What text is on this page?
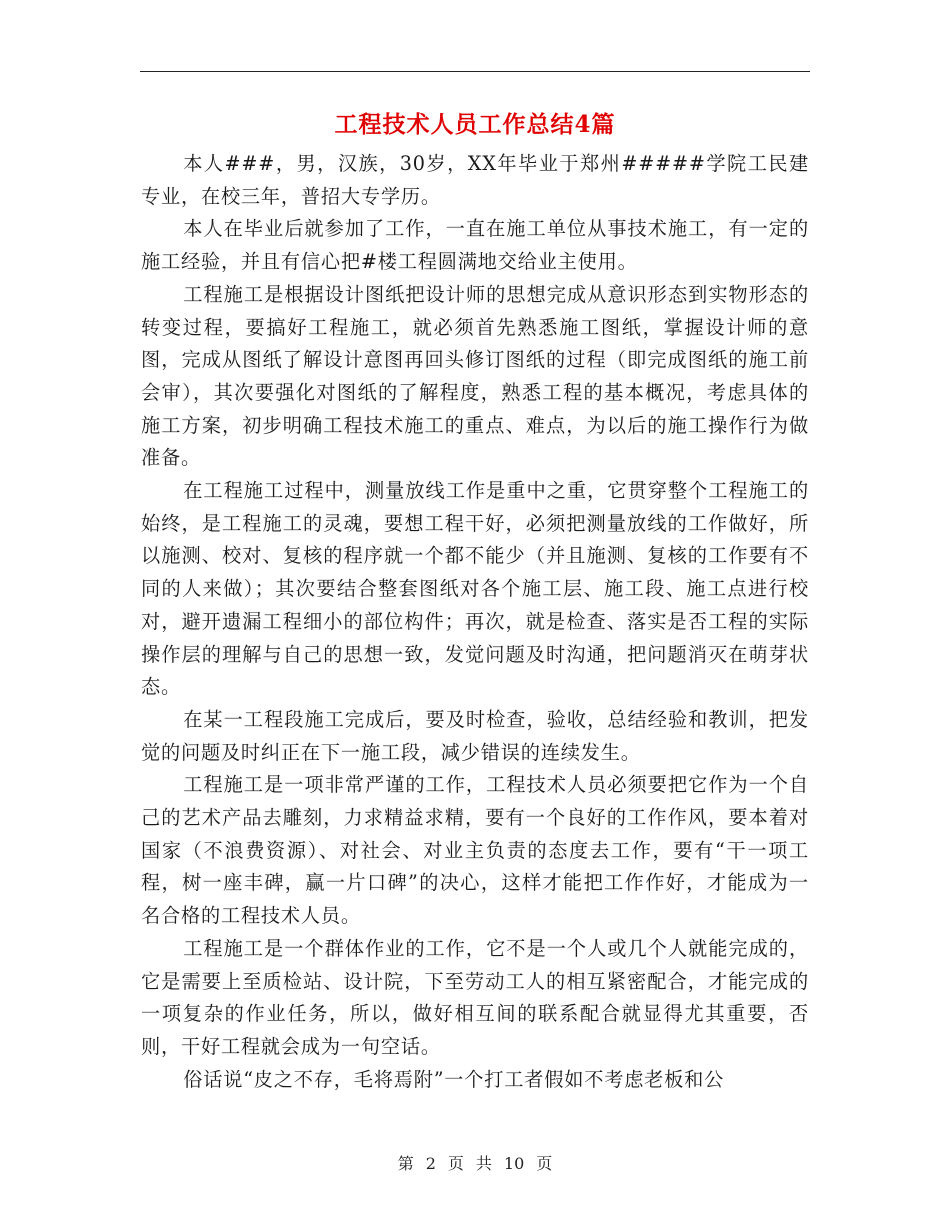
工程技术人员工作总结4篇

本人###，男，汉族，30岁，XX年毕业于郑州#####学院工民建专业，在校三年，普招大专学历。

本人在毕业后就参加了工作，一直在施工单位从事技术施工，有一定的施工经验，并且有信心把#楼工程圆满地交给业主使用。

工程施工是根据设计图纸把设计师的思想完成从意识形态到实物形态的转变过程，要搞好工程施工，就必须首先熟悉施工图纸，掌握设计师的意图，完成从图纸了解设计意图再回头修订图纸的过程（即完成图纸的施工前会审），其次要强化对图纸的了解程度，熟悉工程的基本概况，考虑具体的施工方案，初步明确工程技术施工的重点、难点，为以后的施工操作行为做准备。

在工程施工过程中，测量放线工作是重中之重，它贯穿整个工程施工的始终，是工程施工的灵魂，要想工程干好，必须把测量放线的工作做好，所以施测、校对、复核的程序就一个都不能少（并且施测、复核的工作要有不同的人来做）；其次要结合整套图纸对各个施工层、施工段、施工点进行校对，避开遗漏工程细小的部位构件；再次，就是检查、落实是否工程的实际操作层的理解与自己的思想一致，发觉问题及时沟通，把问题消灭在萌芽状态。

在某一工程段施工完成后，要及时检查，验收，总结经验和教训，把发觉的问题及时纠正在下一施工段，减少错误的连续发生。

工程施工是一项非常严谨的工作，工程技术人员必须要把它作为一个自己的艺术产品去雕刻，力求精益求精，要有一个良好的工作作风，要本着对国家（不浪费资源）、对社会、对业主负责的态度去工作，要有“干一项工程，树一座丰碑，赢一片口碑”的决心，这样才能把工作作好，才能成为一名合格的工程技术人员。

工程施工是一个群体作业的工作，它不是一个人或几个人就能完成的，它是需要上至质检站、设计院，下至劳动工人的相互紧密配合，才能完成的一项复杂的作业任务，所以，做好相互间的联系配合就显得尤其重要，否则，干好工程就会成为一句空话。

俗话说“皮之不存，毛将焉附”一个打工者假如不考虑老板和公

第 2 页 共 10 页
